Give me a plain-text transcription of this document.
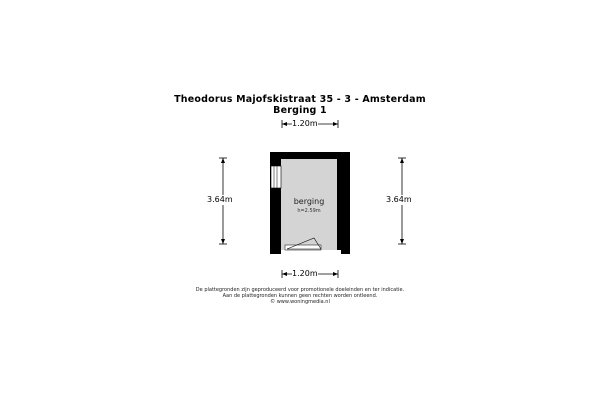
Theodorus Majofskistraat 35 - 3 - Amsterdam
Berging 1
1.20m
1.20m
3.64m	3.64m
berging
h=2.59m
De plattegronden zijn geproduceerd voor promotionele doeleinden en ter indicatie.
Aan de plattegronden kunnen geen rechten worden ontleend.
© www.woningmedia.nl
